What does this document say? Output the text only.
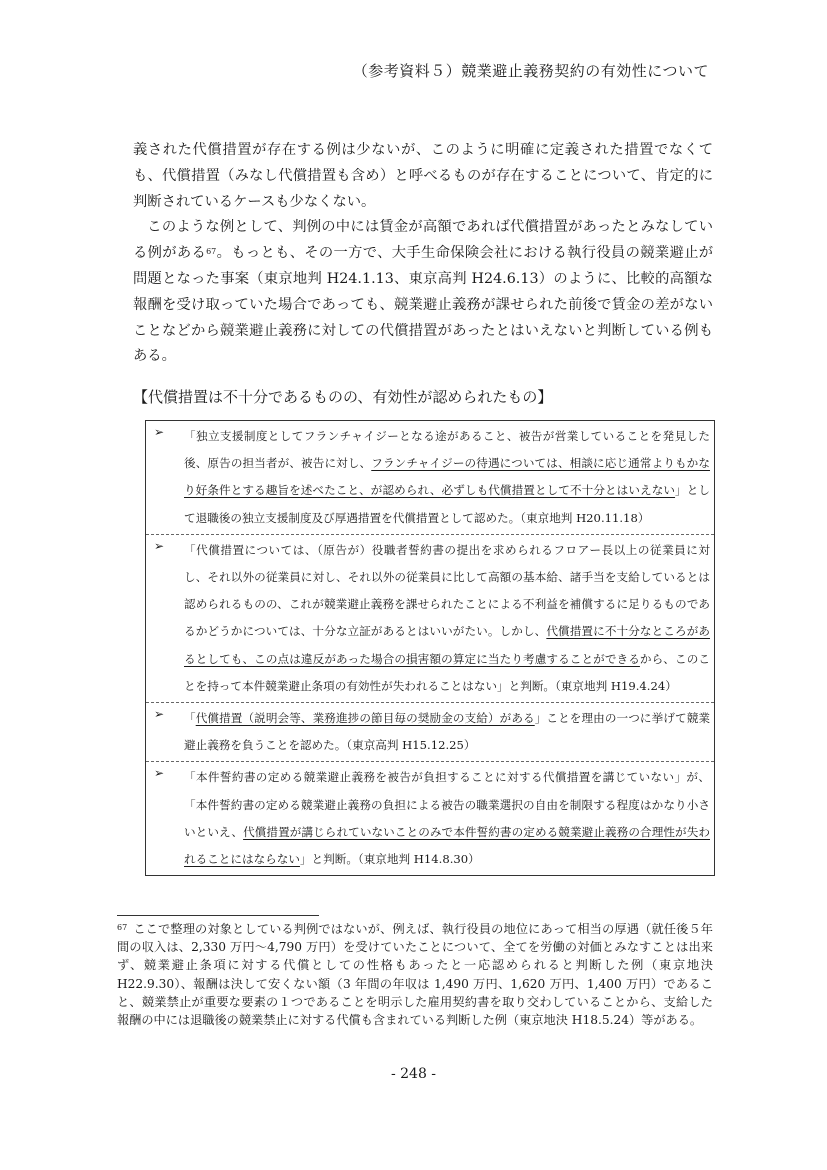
（参考資料５）競業避止義務契約の有効性について

義された代償措置が存在する例は少ないが、このように明確に定義された措置でなくても、代償措置（みなし代償措置も含め）と呼べるものが存在することについて、肯定的に判断されているケースも少なくない。

このような例として、判例の中には賃金が高額であれば代償措置があったとみなしている例がある$^{67}$。もっとも、その一方で、大手生命保険会社における執行役員の競業避止が問題となった事案（東京地判 H24.1.13、東京高判 H24.6.13）のように、比較的高額な報酬を受け取っていた場合であっても、競業避止義務が課せられた前後で賃金の差がないことなどから競業避止義務に対しての代償措置があったとはいえないと判断している例もある。

【代償措置は不十分であるものの、有効性が認められたもの】
➢ 「独立支援制度としてフランチャイジーとなる途があること、被告が営業していることを発見した後、原告の担当者が、被告に対し、フランチャイジーの待遇については、相談に応じ通常よりもかなり好条件とする趣旨を述べたこと、が認められ、必ずしも代償措置として不十分とはいえない」として退職後の独立支援制度及び厚遇措置を代償措置として認めた。（東京地判 H20.11.18）
➢ 「代償措置については、（原告が）役職者誓約書の提出を求められるフロアー長以上の従業員に対し、それ以外の従業員に対し、それ以外の従業員に比して高額の基本給、諸手当を支給しているとは認められるものの、これが競業避止義務を課せられたことによる不利益を補償するに足りるものであるかどうかについては、十分な立証があるとはいいがたい。しかし、代償措置に不十分なところがあるとしても、この点は違反があった場合の損害額の算定に当たり考慮することができるから、このことを持って本件競業避止条項の有効性が失われることはない」と判断。（東京地判 H19.4.24）
➢ 「代償措置（説明会等、業務進捗の節目毎の奨励金の支給）がある」ことを理由の一つに挙げて競業避止義務を負うことを認めた。（東京高判 H15.12.25）
➢ 「本件誓約書の定める競業避止義務を被告が負担することに対する代償措置を講じていない」が、「本件誓約書の定める競業避止義務の負担による被告の職業選択の自由を制限する程度はかなり小さいといえ、代償措置が講じられていないことのみで本件誓約書の定める競業避止義務の合理性が失われることにはならない」と判断。（東京地判 H14.8.30）
$^{67}$ ここで整理の対象としている判例ではないが、例えば、執行役員の地位にあって相当の厚遇（就任後５年間の収入は、2,330 万円～4,790 万円）を受けていたことについて、全てを労働の対価とみなすことは出来ず、競業避止条項に対する代償としての性格もあったと一応認められると判断した例（東京地決 H22.9.30）、報酬は決して安くない額（3 年間の年収は 1,490 万円、1,620 万円、1,400 万円）であること、競業禁止が重要な要素の１つであることを明示した雇用契約書を取り交わしていることから、支給した報酬の中には退職後の競業禁止に対する代償も含まれている判断した例（東京地決 H18.5.24）等がある。
- 248 -
